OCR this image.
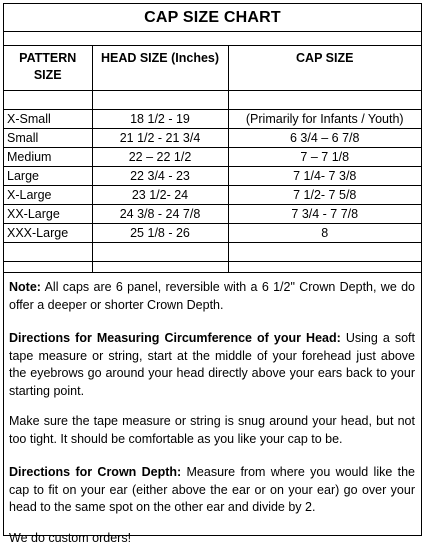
CAP SIZE CHART
PATTERN SIZE	HEAD SIZE (Inches)	CAP SIZE

X-Small	18 1/2 - 19	(Primarily for Infants / Youth)
Small	21 1/2 - 21 3/4	6 3/4 – 6 7/8
Medium	22 – 22 1/2	7 – 7 1/8
Large	22 3/4 - 23	7 1/4- 7 3/8
X-Large	23 1/2- 24	7 1/2- 7 5/8
XX-Large	24 3/8 - 24 7/8	7 3/4 - 7 7/8
XXX-Large	25 1/8 - 26	8

Note: All caps are 6 panel, reversible with a 6 1/2" Crown Depth, we do offer a deeper or shorter Crown Depth.

Directions for Measuring Circumference of your Head: Using a soft tape measure or string, start at the middle of your forehead just above the eyebrows go around your head directly above your ears back to your starting point.

Make sure the tape measure or string is snug around your head, but not too tight. It should be comfortable as you like your cap to be.

Directions for Crown Depth: Measure from where you would like the cap to fit on your ear (either above the ear or on your ear) go over your head to the same spot on the other ear and divide by 2.

We do custom orders!
